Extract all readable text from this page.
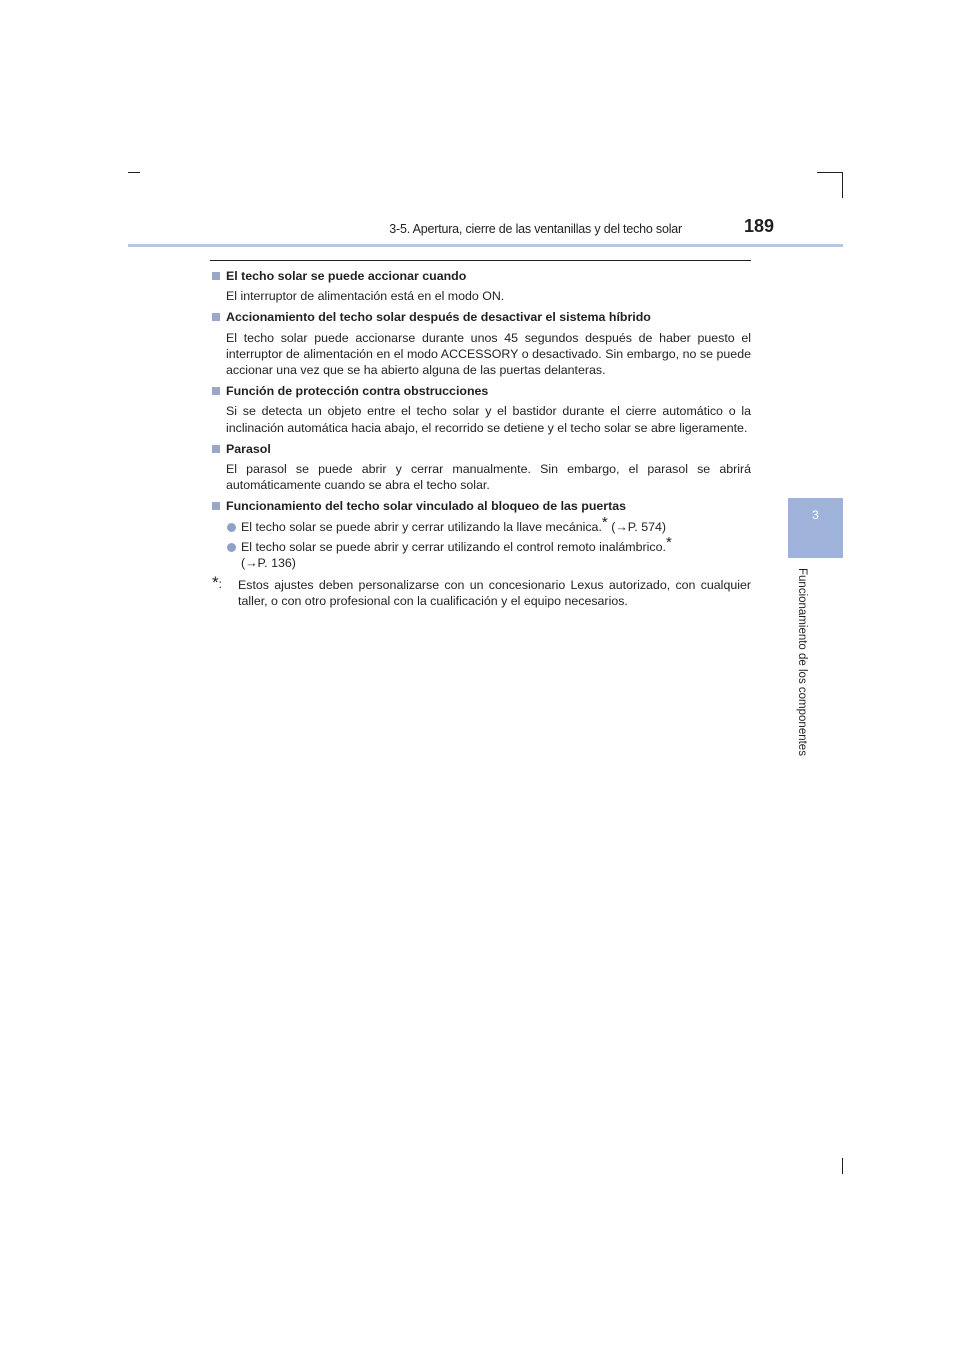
3-5. Apertura, cierre de las ventanillas y del techo solar	189
3
Funcionamiento de los componentes
El techo solar se puede accionar cuando
El interruptor de alimentación está en el modo ON.
Accionamiento del techo solar después de desactivar el sistema híbrido
El techo solar puede accionarse durante unos 45 segundos después de haber puesto el interruptor de alimentación en el modo ACCESSORY o desactivado. Sin embargo, no se puede accionar una vez que se ha abierto alguna de las puertas delanteras.
Función de protección contra obstrucciones
Si se detecta un objeto entre el techo solar y el bastidor durante el cierre automático o la inclinación automática hacia abajo, el recorrido se detiene y el techo solar se abre ligeramente.
Parasol
El parasol se puede abrir y cerrar manualmente. Sin embargo, el parasol se abrirá automáticamente cuando se abra el techo solar.
Funcionamiento del techo solar vinculado al bloqueo de las puertas
El techo solar se puede abrir y cerrar utilizando la llave mecánica.* (→P. 574)
El techo solar se puede abrir y cerrar utilizando el control remoto inalámbrico.*
(→P. 136)
*: Estos ajustes deben personalizarse con un concesionario Lexus autorizado, con cualquier taller, o con otro profesional con la cualificación y el equipo necesarios.
